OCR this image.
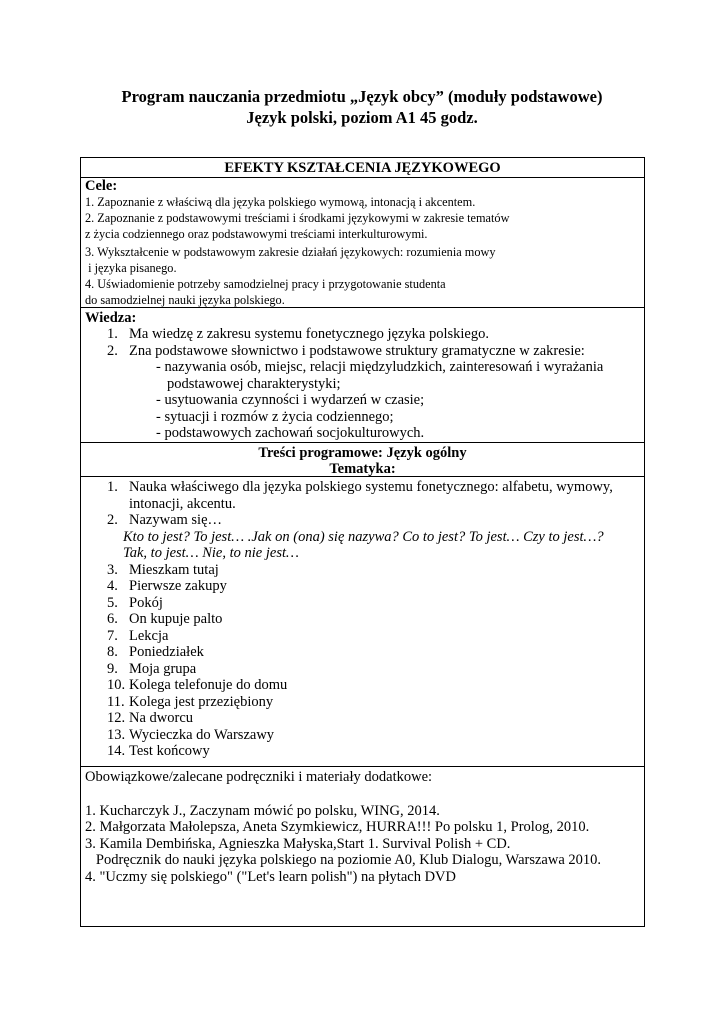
Program nauczania przedmiotu „Język obcy” (moduły podstawowe)
Język polski, poziom A1 45 godz.
EFEKTY KSZTAŁCENIA JĘZYKOWEGO
Cele:
1. Zapoznanie z właściwą dla języka polskiego wymową, intonacją i akcentem.
2. Zapoznanie z podstawowymi treściami i środkami językowymi w zakresie tematów
z życia codziennego oraz podstawowymi treściami interkulturowymi.
3. Wykształcenie w podstawowym zakresie działań językowych: rozumienia mowy
i języka pisanego.
4. Uświadomienie potrzeby samodzielnej pracy i przygotowanie studenta
do samodzielnej nauki języka polskiego.
Wiedza:
1. Ma wiedzę z zakresu systemu fonetycznego języka polskiego.
2. Zna podstawowe słownictwo i podstawowe struktury gramatyczne w zakresie:
- nazywania osób, miejsc, relacji międzyludzkich, zainteresowań i wyrażania
podstawowej charakterystyki;
- usytuowania czynności i wydarzeń w czasie;
- sytuacji i rozmów z życia codziennego;
- podstawowych zachowań socjokulturowych.
Treści programowe: Język ogólny
Tematyka:
1. Nauka właściwego dla języka polskiego systemu fonetycznego: alfabetu, wymowy,
intonacji, akcentu.
2. Nazywam się…
Kto to jest? To jest… .Jak on (ona) się nazywa? Co to jest? To jest… Czy to jest…?
Tak, to jest… Nie, to nie jest…
3. Mieszkam tutaj
4. Pierwsze zakupy
5. Pokój
6. On kupuje palto
7. Lekcja
8. Poniedziałek
9. Moja grupa
10. Kolega telefonuje do domu
11. Kolega jest przeziębiony
12. Na dworcu
13. Wycieczka do Warszawy
14. Test końcowy
Obowiązkowe/zalecane podręczniki i materiały dodatkowe:
1. Kucharczyk J., Zaczynam mówić po polsku, WING, 2014.
2. Małgorzata Małolepsza, Aneta Szymkiewicz, HURRA!!! Po polsku 1, Prolog, 2010.
3. Kamila Dembińska, Agnieszka Małyska,Start 1. Survival Polish + CD.
Podręcznik do nauki języka polskiego na poziomie A0, Klub Dialogu, Warszawa 2010.
4. "Uczmy się polskiego" ("Let's learn polish") na płytach DVD
